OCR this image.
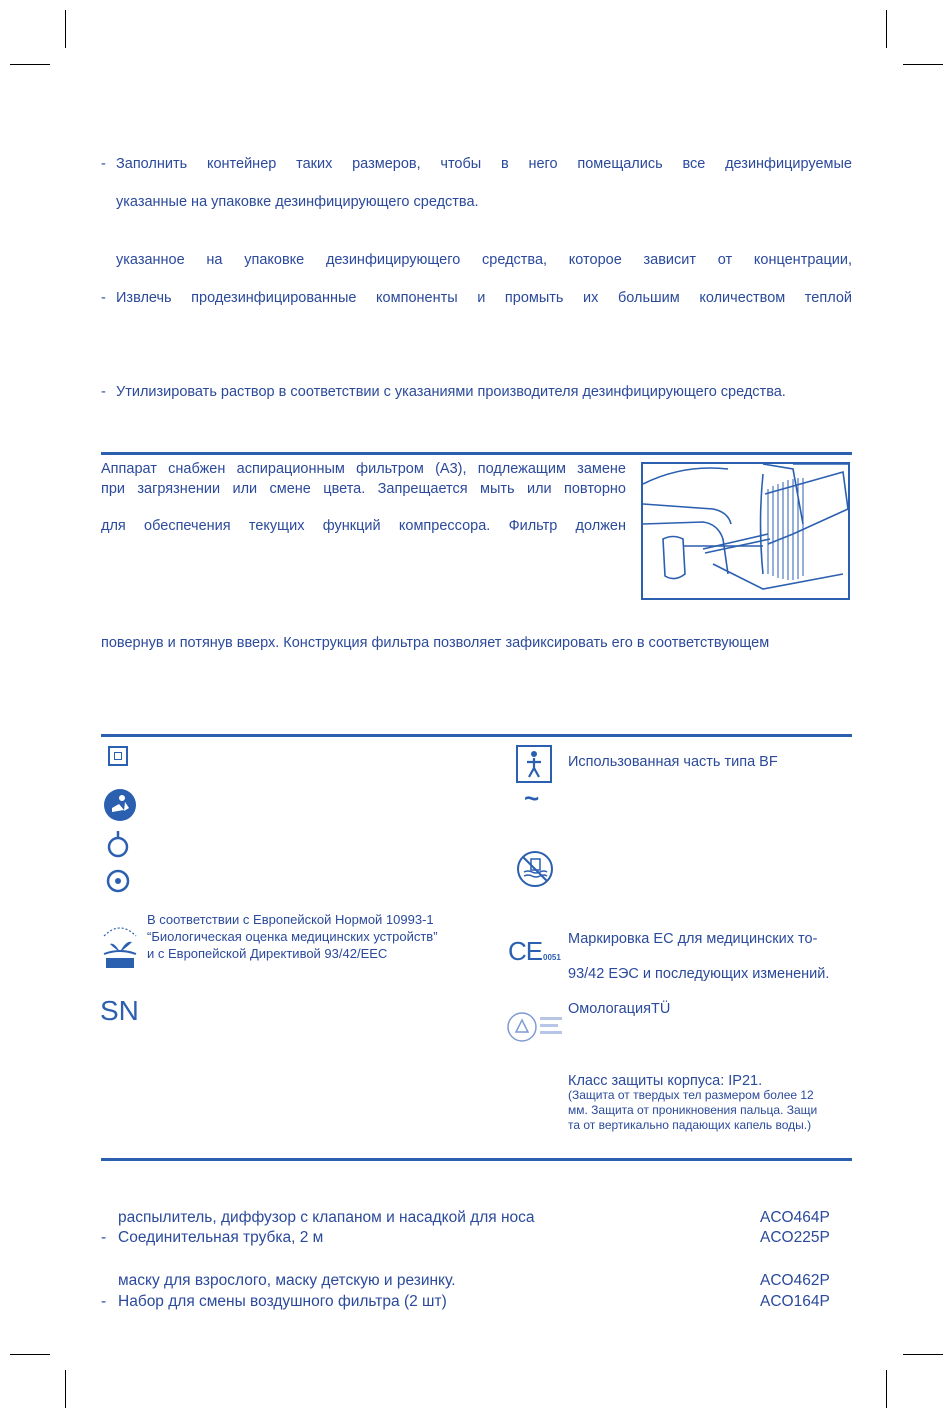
- Заполнить контейнер таких размеров, чтобы в него помещались все дезинфицируемые
указанные на упаковке дезинфицирующего средства.
указанное на упаковке дезинфицирующего средства, которое зависит от концентрации,
- Извлечь продезинфицированные компоненты и промыть их большим количеством теплой
- Утилизировать раствор в соответствии с указаниями производителя дезинфицирующего средства.
Аппарат снабжен аспирационным фильтром (A3), подлежащим замене
при загрязнении или смене цвета. Запрещается мыть или повторно
для обеспечения текущих функций компрессора. Фильтр должен
повернув и потянув вверх. Конструкция фильтра позволяет зафиксировать его в соответствующем
В соответствии с Европейской Нормой 10993-1
“Биологическая оценка медицинских устройств”
и с Европейской Директивой 93/42/EEC
SN
Использованная часть типа BF
~
CE 0051
Маркировка ЕС для медицинских то-
93/42 ЕЭС и последующих изменений.
ОмологацияTÜ
Класс защиты корпуса: IP21.
(Защита от твердых тел размером более 12
мм. Защита от проникновения пальца. Защи
та от вертикально падающих капель воды.)
распылитель, диффузор с клапаном и насадкой для носа	ACO464P
- Соединительная трубка, 2 м	ACO225P
маску для взрослого, маску детскую и резинку.	ACO462P
- Набор для смены воздушного фильтра (2 шт)	ACO164P
